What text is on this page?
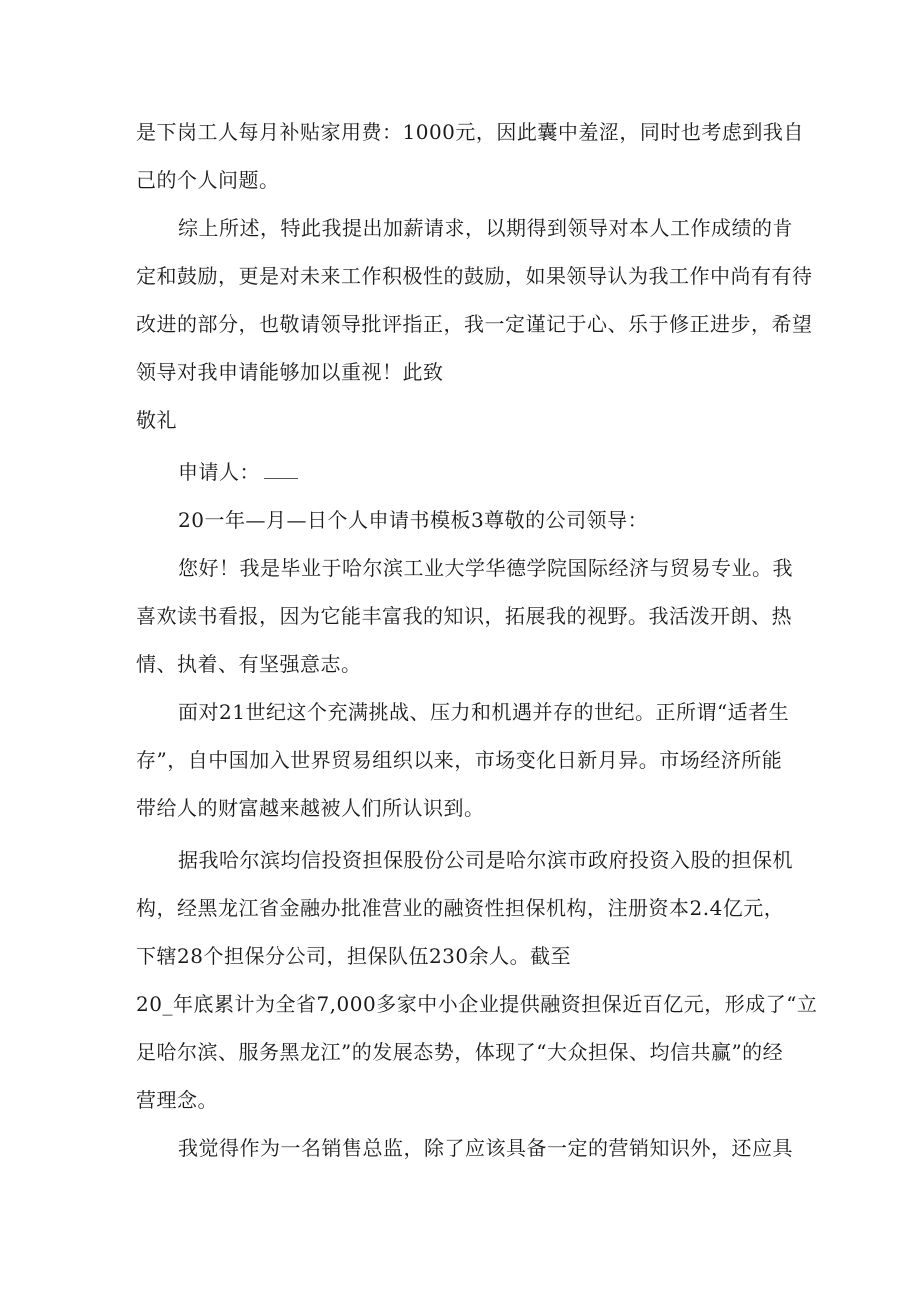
是下岗工人每月补贴家用费：1000元，因此囊中羞涩，同时也考虑到我自
己的个人问题。
综上所述，特此我提出加薪请求，以期得到领导对本人工作成绩的肯
定和鼓励，更是对未来工作积极性的鼓励，如果领导认为我工作中尚有有待
改进的部分，也敬请领导批评指正，我一定谨记于心、乐于修正进步，希望
领导对我申请能够加以重视！此致
敬礼
申请人：
20一年—月—日个人申请书模板3尊敬的公司领导：
您好！我是毕业于哈尔滨工业大学华德学院国际经济与贸易专业。我
喜欢读书看报，因为它能丰富我的知识，拓展我的视野。我活泼开朗、热
情、执着、有坚强意志。
面对21世纪这个充满挑战、压力和机遇并存的世纪。正所谓“适者生
存”，自中国加入世界贸易组织以来，市场变化日新月异。市场经济所能
带给人的财富越来越被人们所认识到。
据我哈尔滨均信投资担保股份公司是哈尔滨市政府投资入股的担保机
构，经黑龙江省金融办批准营业的融资性担保机构，注册资本2.4亿元，
下辖28个担保分公司，担保队伍230余人。截至
20_年底累计为全省7,000多家中小企业提供融资担保近百亿元，形成了“立
足哈尔滨、服务黑龙江”的发展态势，体现了“大众担保、均信共赢”的经
营理念。
我觉得作为一名销售总监，除了应该具备一定的营销知识外，还应具
